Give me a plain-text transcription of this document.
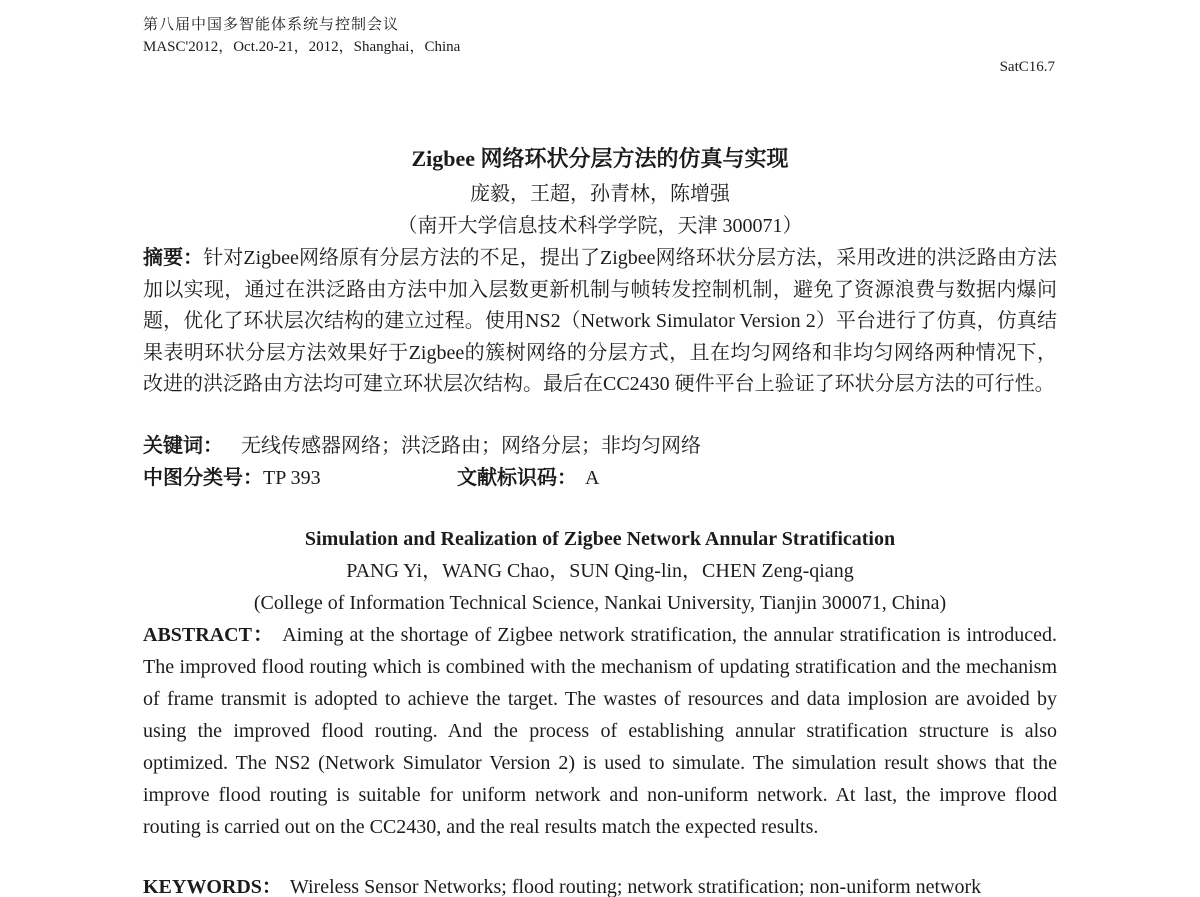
第八届中国多智能体系统与控制会议
MASC'2012，Oct.20-21，2012，Shanghai，China
SatC16.7
Zigbee 网络环状分层方法的仿真与实现
庞毅，王超，孙青林，陈增强
（南开大学信息技术科学学院，天津 300071）

摘要：针对Zigbee网络原有分层方法的不足，提出了Zigbee网络环状分层方法，采用改进的洪泛路由方法加以实现，通过在洪泛路由方法中加入层数更新机制与帧转发控制机制，避免了资源浪费与数据内爆问题，优化了环状层次结构的建立过程。使用NS2（Network Simulator Version 2）平台进行了仿真，仿真结果表明环状分层方法效果好于Zigbee的簇树网络的分层方式，且在均匀网络和非均匀网络两种情况下，改进的洪泛路由方法均可建立环状层次结构。最后在CC2430 硬件平台上验证了环状分层方法的可行性。

关键词： 无线传感器网络；洪泛路由；网络分层；非均匀网络

中图分类号：TP 393	文献标识码： A
Simulation and Realization of Zigbee Network Annular Stratification
PANG Yi，WANG Chao，SUN Qing-lin，CHEN Zeng-qiang
(College of Information Technical Science, Nankai University, Tianjin 300071, China)

ABSTRACT： Aiming at the shortage of Zigbee network stratification, the annular stratification is introduced. The improved flood routing which is combined with the mechanism of updating stratification and the mechanism of frame transmit is adopted to achieve the target. The wastes of resources and data implosion are avoided by using the improved flood routing. And the process of establishing annular stratification structure is also optimized. The NS2 (Network Simulator Version 2) is used to simulate. The simulation result shows that the improve flood routing is suitable for uniform network and non-uniform network. At last, the improve flood routing is carried out on the CC2430, and the real results match the expected results.

KEYWORDS： Wireless Sensor Networks; flood routing; network stratification; non-uniform network
